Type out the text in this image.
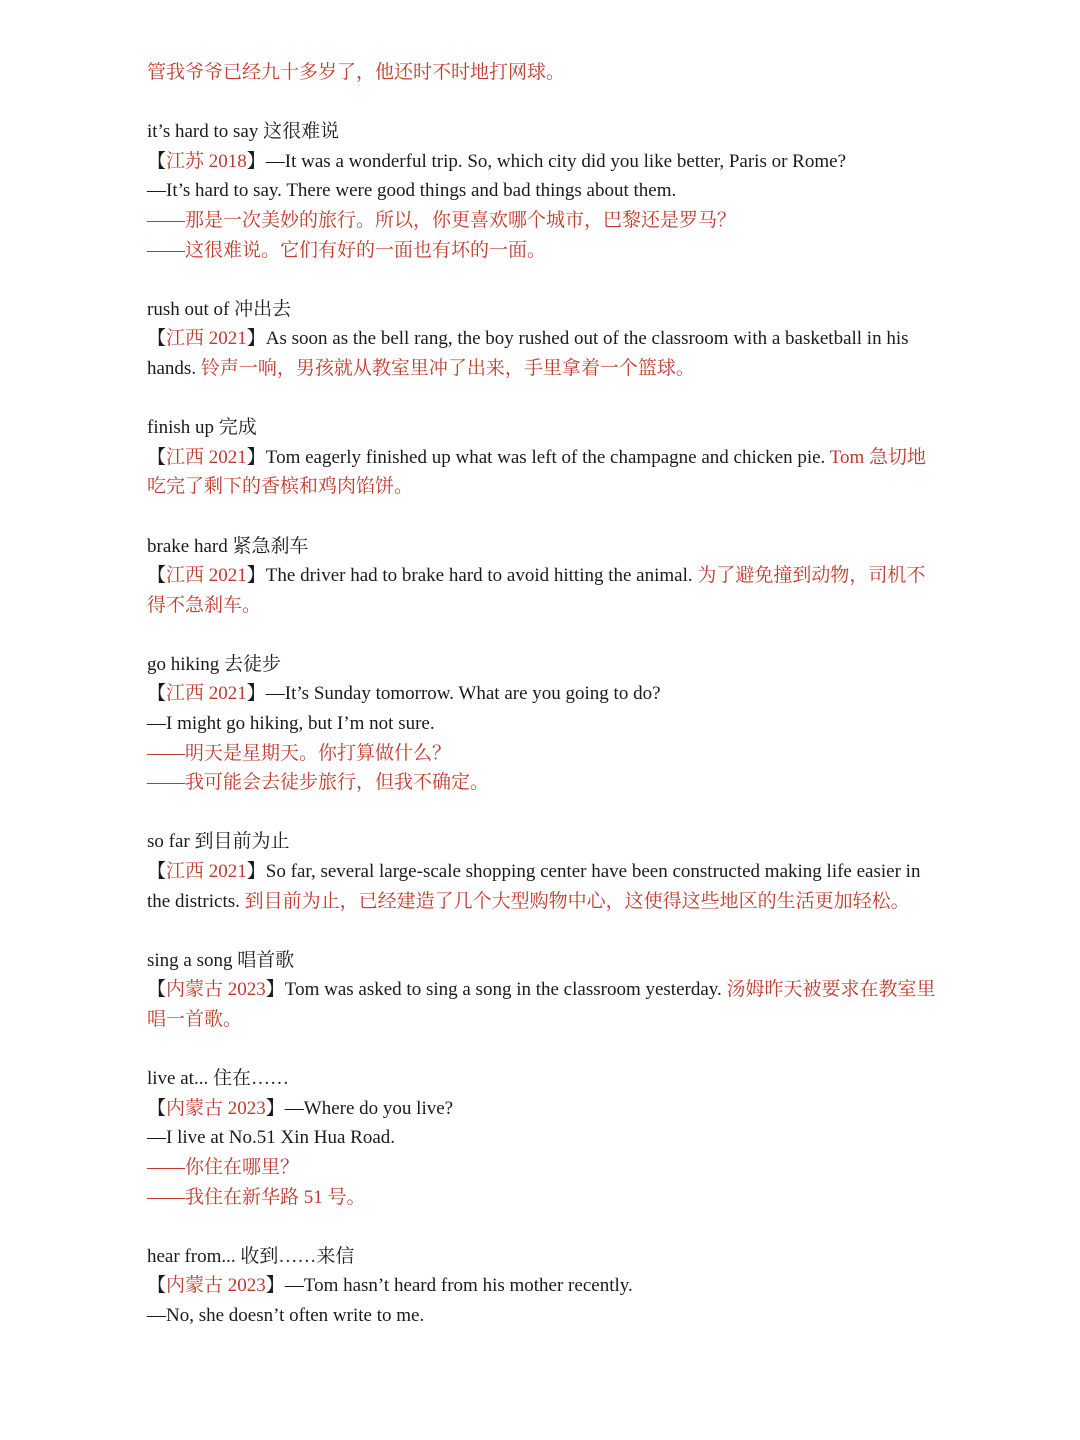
管我爷爷已经九十多岁了，他还时不时地打网球。

it’s hard to say 这很难说

【江苏 2018】—It was a wonderful trip. So, which city did you like better, Paris or Rome?

—It’s hard to say. There were good things and bad things about them.

——那是一次美妙的旅行。所以，你更喜欢哪个城市，巴黎还是罗马？

——这很难说。它们有好的一面也有坏的一面。

rush out of 冲出去

【江西 2021】As soon as the bell rang, the boy rushed out of the classroom with a basketball in his hands. 铃声一响，男孩就从教室里冲了出来，手里拿着一个篮球。

finish up 完成

【江西 2021】Tom eagerly finished up what was left of the champagne and chicken pie. Tom 急切地吃完了剩下的香槟和鸡肉馅饼。

brake hard 紧急刹车

【江西 2021】The driver had to brake hard to avoid hitting the animal. 为了避免撞到动物，司机不得不急刹车。

go hiking 去徒步

【江西 2021】—It’s Sunday tomorrow. What are you going to do?

—I might go hiking, but I’m not sure.

——明天是星期天。你打算做什么？

——我可能会去徒步旅行，但我不确定。

so far 到目前为止

【江西 2021】So far, several large-scale shopping center have been constructed making life easier in the districts. 到目前为止，已经建造了几个大型购物中心，这使得这些地区的生活更加轻松。

sing a song 唱首歌

【内蒙古 2023】Tom was asked to sing a song in the classroom yesterday. 汤姆昨天被要求在教室里唱一首歌。

live at... 住在……

【内蒙古 2023】—Where do you live?

—I live at No.51 Xin Hua Road.

——你住在哪里？

——我住在新华路 51 号。

hear from... 收到……来信

【内蒙古 2023】—Tom hasn’t heard from his mother recently.

—No, she doesn’t often write to me.
